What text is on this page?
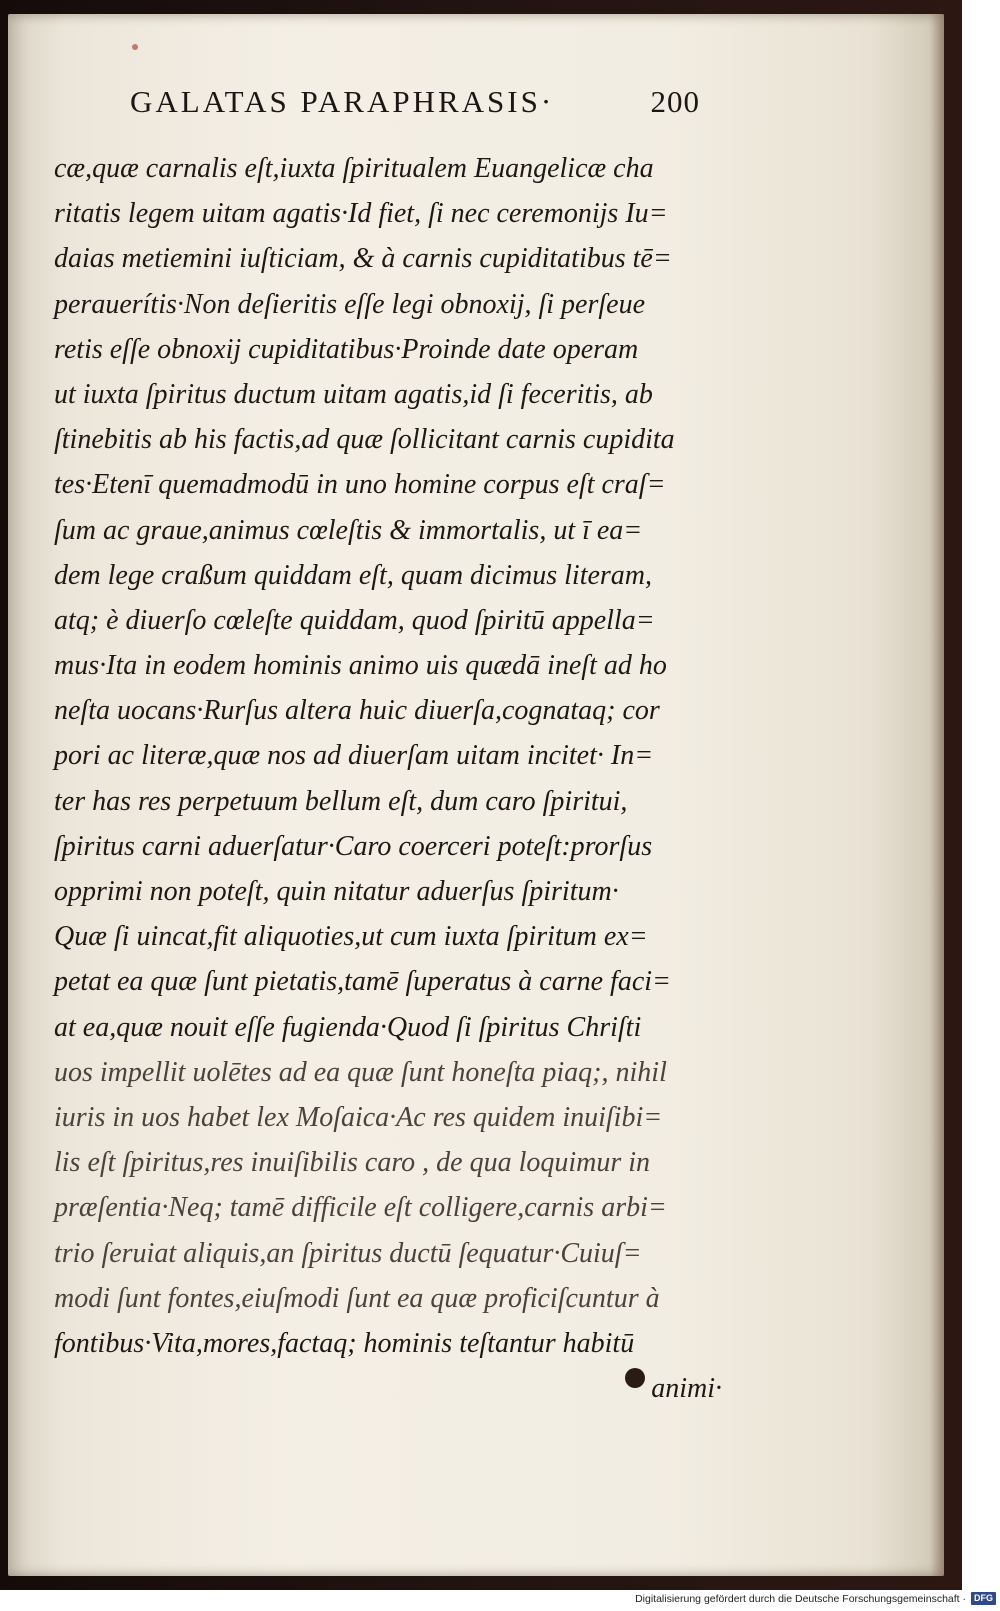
GALATAS PARAPHRASIS·	200
cæ,quæ carnalis eſt,iuxta ſpiritualem Euangelicæ cha
ritatis legem uitam agatis·Id fiet, ſi nec ceremonijs Iu=
daias metiemini iuſticiam, & à carnis cupiditatibus tē=
perauerítis·Non deſieritis eſſe legi obnoxij, ſi perſeue
retis eſſe obnoxij cupiditatibus·Proinde date operam
ut iuxta ſpiritus ductum uitam agatis,id ſi feceritis, ab
ſtinebitis ab his factis,ad quæ ſollicitant carnis cupidita
tes·Etenī quemadmodū in uno homine corpus eſt craſ=
ſum ac graue,animus cœleſtis & immortalis, ut ī ea=
dem lege craßum quiddam eſt, quam dicimus literam,
atq; è diuerſo cœleſte quiddam, quod ſpiritū appella=
mus·Ita in eodem hominis animo uis quædā ineſt ad ho
neſta uocans·Rurſus altera huic diuerſa,cognataq; cor
pori ac literæ,quæ nos ad diuerſam uitam incitet· In=
ter has res perpetuum bellum eſt, dum caro ſpiritui,
ſpiritus carni aduerſatur·Caro coerceri poteſt:prorſus
opprimi non poteſt, quin nitatur aduerſus ſpiritum·
Quæ ſi uincat,fit aliquoties,ut cum iuxta ſpiritum ex=
petat ea quæ ſunt pietatis,tamē ſuperatus à carne faci=
at ea,quæ nouit eſſe fugienda·Quod ſi ſpiritus Chriſti
uos impellit uolētes ad ea quæ ſunt honeſta piaq;, nihil
iuris in uos habet lex Moſaica·Ac res quidem inuiſibi=
lis eſt ſpiritus,res inuiſibilis caro , de qua loquimur in
præſentia·Neq; tamē difficile eſt colligere,carnis arbi=
trio ſeruiat aliquis,an ſpiritus ductū ſequatur·Cuiuſ=
modi ſunt fontes,eiuſmodi ſunt ea quæ proficiſcuntur à
fontibus·Vita,mores,factaq; hominis teſtantur habitū
animi·
Digitalisierung gefördert durch die Deutsche Forschungsgemeinschaft · DFG
